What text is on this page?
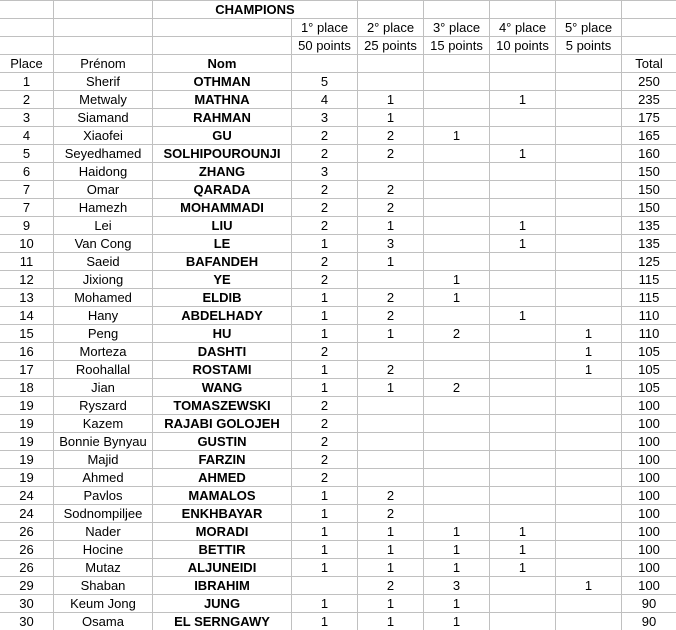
		CHAMPIONS						
			1° place	2° place	3° place	4° place	5° place	
			50 points	25 points	15 points	10 points	5 points	
Place	Prénom	Nom						Total
1	Sherif	OTHMAN	5					250
2	Metwaly	MATHNA	4	1		1		235
3	Siamand	RAHMAN	3	1				175
4	Xiaofei	GU	2	2	1			165
5	Seyedhamed	SOLHIPOUROUNJI	2	2		1		160
6	Haidong	ZHANG	3					150
7	Omar	QARADA	2	2				150
7	Hamezh	MOHAMMADI	2	2				150
9	Lei	LIU	2	1		1		135
10	Van Cong	LE	1	3		1		135
11	Saeid	BAFANDEH	2	1				125
12	Jixiong	YE	2		1			115
13	Mohamed	ELDIB	1	2	1			115
14	Hany	ABDELHADY	1	2		1		110
15	Peng	HU	1	1	2		1	110
16	Morteza	DASHTI	2				1	105
17	Roohallal	ROSTAMI	1	2			1	105
18	Jian	WANG	1	1	2			105
19	Ryszard	TOMASZEWSKI	2					100
19	Kazem	RAJABI GOLOJEH	2					100
19	Bonnie Bynyau	GUSTIN	2					100
19	Majid	FARZIN	2					100
19	Ahmed	AHMED	2					100
24	Pavlos	MAMALOS	1	2				100
24	Sodnompiljee	ENKHBAYAR	1	2				100
26	Nader	MORADI	1	1	1	1		100
26	Hocine	BETTIR	1	1	1	1		100
26	Mutaz	ALJUNEIDI	1	1	1	1		100
29	Shaban	IBRAHIM		2	3		1	100
30	Keum Jong	JUNG	1	1	1			90
30	Osama	EL SERNGAWY	1	1	1			90
